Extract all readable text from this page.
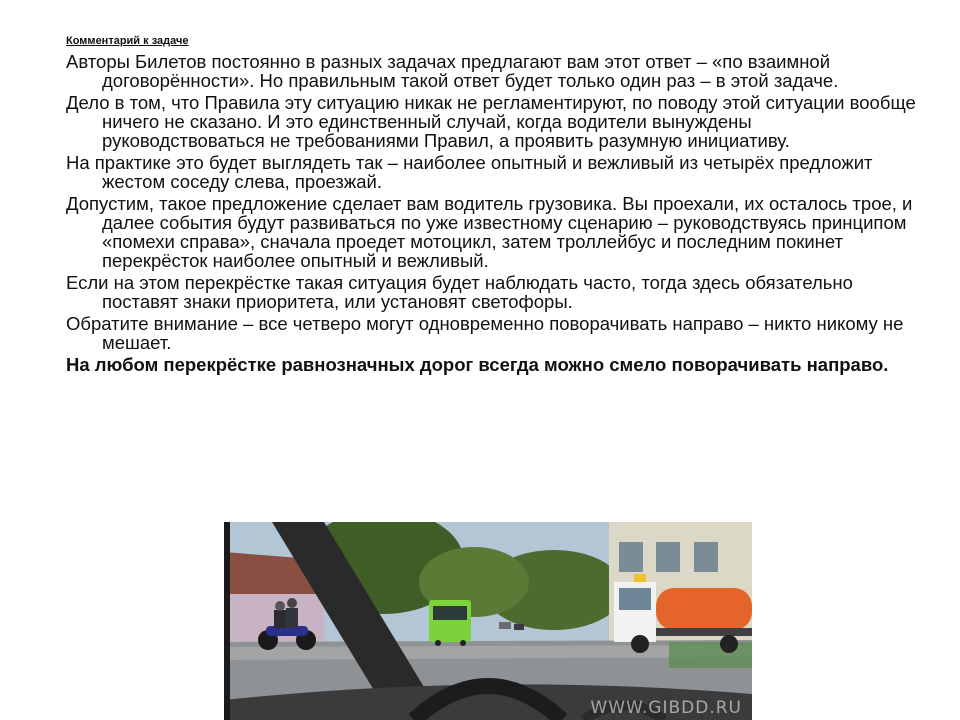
Комментарий к задаче

Авторы Билетов постоянно в разных задачах предлагают вам этот ответ – «по взаимной договорённости». Но правильным такой ответ будет только один раз – в этой задаче.

Дело в том, что Правила эту ситуацию никак не регламентируют, по поводу этой ситуации вообще ничего не сказано. И это единственный случай, когда водители вынуждены руководствоваться не требованиями Правил, а проявить разумную инициативу.

На практике это будет выглядеть так – наиболее опытный и вежливый из четырёх предложит жестом соседу слева, проезжай.

Допустим, такое предложение сделает вам водитель грузовика. Вы проехали, их осталось трое, и далее события будут развиваться по уже известному сценарию – руководствуясь принципом «помехи справа», сначала проедет мотоцикл, затем троллейбус и последним покинет перекрёсток наиболее опытный и вежливый.

Если на этом перекрёстке такая ситуация будет наблюдать часто, тогда здесь обязательно поставят знаки приоритета, или установят светофоры.

Обратите внимание – все четверо могут одновременно поворачивать направо – никто никому не мешает.

На любом перекрёстке равнозначных дорог всегда можно смело поворачивать направо.

WWW.GIBDD.RU
